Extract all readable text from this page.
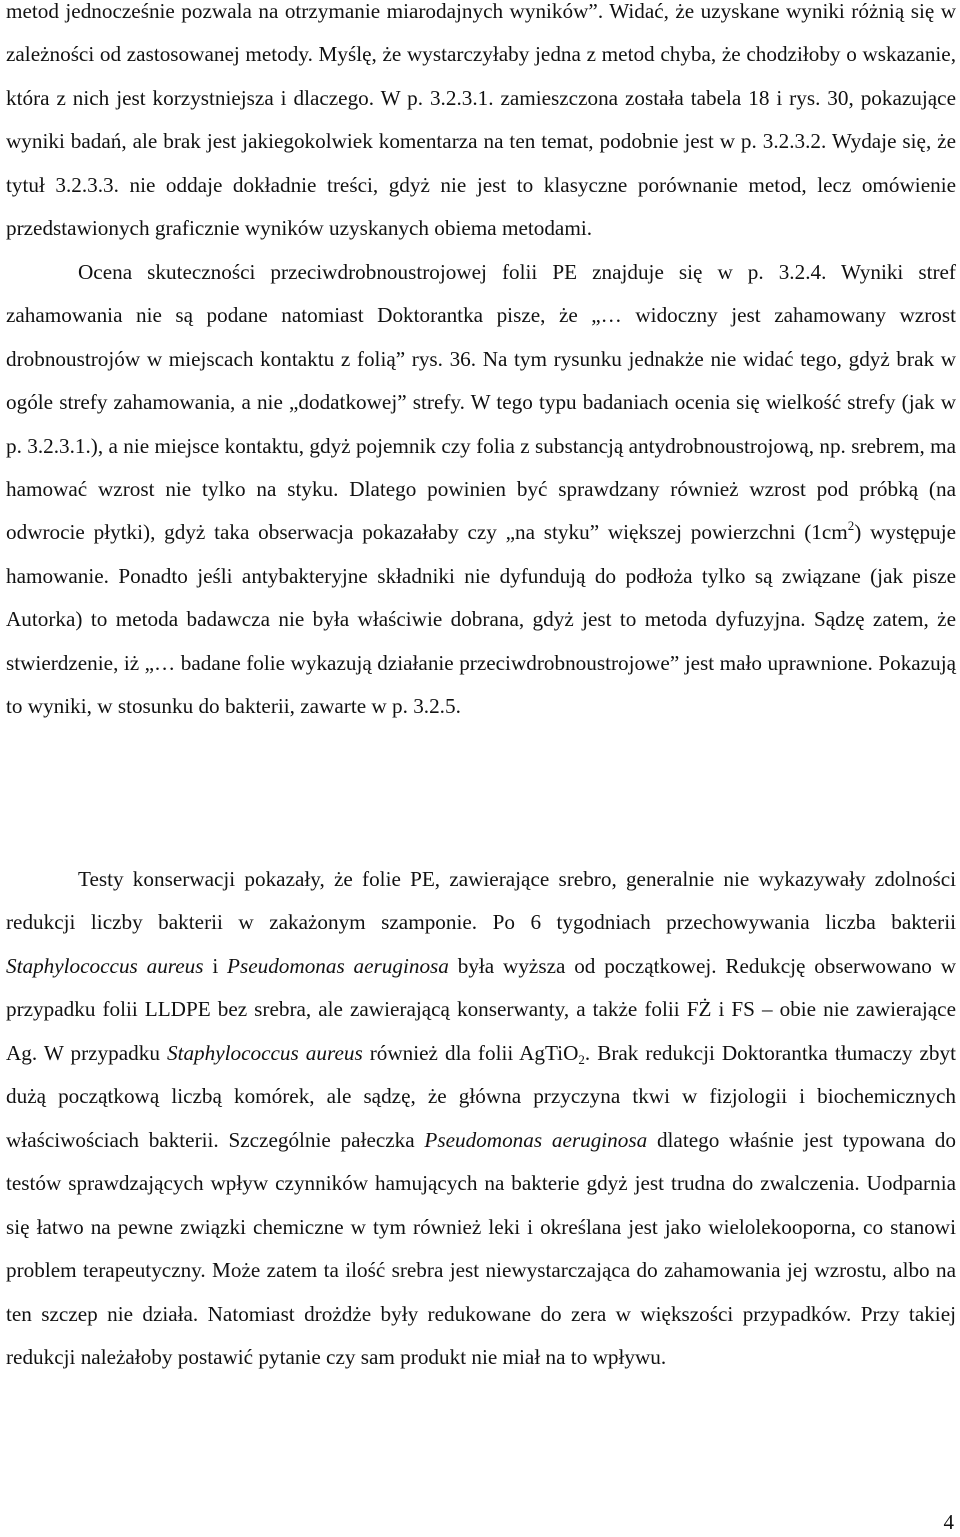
metod jednocześnie pozwala na otrzymanie miarodajnych wyników”. Widać, że uzyskane wyniki różnią się w zależności od zastosowanej metody. Myślę, że wystarczyłaby jedna z metod chyba, że chodziłoby o wskazanie, która z nich jest korzystniejsza i dlaczego. W p. 3.2.3.1. zamieszczona została tabela 18 i rys. 30, pokazujące wyniki badań, ale brak jest jakiegokolwiek komentarza na ten temat, podobnie jest w p. 3.2.3.2. Wydaje się, że tytuł 3.2.3.3. nie oddaje dokładnie treści, gdyż nie jest to klasyczne porównanie metod, lecz omówienie przedstawionych graficznie wyników uzyskanych obiema metodami.

Ocena skuteczności przeciwdrobnoustrojowej folii PE znajduje się w p. 3.2.4. Wyniki stref zahamowania nie są podane natomiast Doktorantka pisze, że „… widoczny jest zahamowany wzrost drobnoustrojów w miejscach kontaktu z folią” rys. 36. Na tym rysunku jednakże nie widać tego, gdyż brak w ogóle strefy zahamowania, a nie „dodatkowej” strefy. W tego typu badaniach ocenia się wielkość strefy (jak w p. 3.2.3.1.), a nie miejsce kontaktu, gdyż pojemnik czy folia z substancją antydrobnoustrojową, np. srebrem, ma hamować wzrost nie tylko na styku. Dlatego powinien być sprawdzany również wzrost pod próbką (na odwrocie płytki), gdyż taka obserwacja pokazałaby czy „na styku” większej powierzchni $(1cm^2)$ występuje hamowanie. Ponadto jeśli antybakteryjne składniki nie dyfundują do podłoża tylko są związane (jak pisze Autorka) to metoda badawcza nie była właściwie dobrana, gdyż jest to metoda dyfuzyjna. Sądzę zatem, że stwierdzenie, iż „… badane folie wykazują działanie przeciwdrobnoustrojowe” jest mało uprawnione. Pokazują to wyniki, w stosunku do bakterii, zawarte w p. 3.2.5.

Testy konserwacji pokazały, że folie PE, zawierające srebro, generalnie nie wykazywały zdolności redukcji liczby bakterii w zakażonym szamponie. Po 6 tygodniach przechowywania liczba bakterii Staphylococcus aureus i Pseudomonas aeruginosa była wyższa od początkowej. Redukcję obserwowano w przypadku folii LLDPE bez srebra, ale zawierającą konserwanty, a także folii FŻ i FS – obie nie zawierające Ag. W przypadku Staphylococcus aureus również dla folii AgTiO$_2$. Brak redukcji Doktorantka tłumaczy zbyt dużą początkową liczbą komórek, ale sądzę, że główna przyczyna tkwi w fizjologii i biochemicznych właściwościach bakterii. Szczególnie pałeczka Pseudomonas aeruginosa dlatego właśnie jest typowana do testów sprawdzających wpływ czynników hamujących na bakterie gdyż jest trudna do zwalczenia. Uodparnia się łatwo na pewne związki chemiczne w tym również leki i określana jest jako wielolekooporna, co stanowi problem terapeutyczny. Może zatem ta ilość srebra jest niewystarczająca do zahamowania jej wzrostu, albo na ten szczep nie działa. Natomiast drożdże były redukowane do zera w większości przypadków. Przy takiej redukcji należałoby postawić pytanie czy sam produkt nie miał na to wpływu.

4
